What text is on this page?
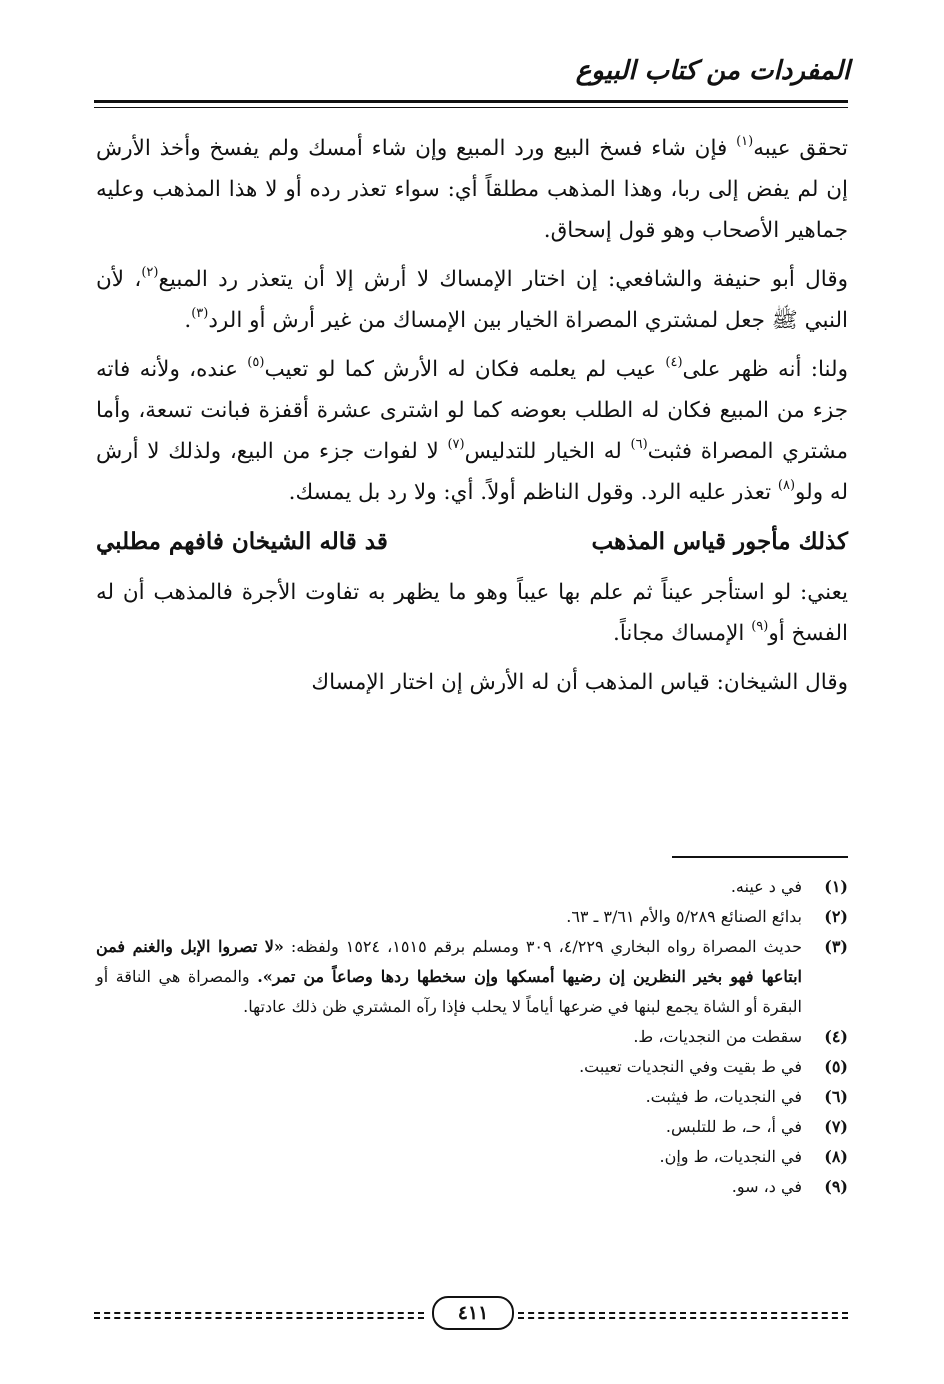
المفردات من كتاب البيوع

تحقق عيبه$^{(١)}$ فإن شاء فسخ البيع ورد المبيع وإن شاء أمسك ولم يفسخ وأخذ الأرش إن لم يفض إلى ربا، وهذا المذهب مطلقاً أي: سواء تعذر رده أو لا هذا المذهب وعليه جماهير الأصحاب وهو قول إسحاق.

وقال أبو حنيفة والشافعي: إن اختار الإمساك لا أرش إلا أن يتعذر رد المبيع$^{(٢)}$، لأن النبي ﷺ جعل لمشتري المصراة الخيار بين الإمساك من غير أرش أو الرد$^{(٣)}$.

ولنا: أنه ظهر على$^{(٤)}$ عيب لم يعلمه فكان له الأرش كما لو تعيب$^{(٥)}$ عنده، ولأنه فاته جزء من المبيع فكان له الطلب بعوضه كما لو اشترى عشرة أقفزة فبانت تسعة، وأما مشتري المصراة فثبت$^{(٦)}$ له الخيار للتدليس$^{(٧)}$ لا لفوات جزء من البيع، ولذلك لا أرش له ولو$^{(٨)}$ تعذر عليه الرد. وقول الناظم أولاً. أي: ولا رد بل يمسك.

كذلك مأجور قياس المذهب
قد قاله الشيخان فافهم مطلبي

يعني: لو استأجر عيناً ثم علم بها عيباً وهو ما يظهر به تفاوت الأجرة فالمذهب أن له الفسخ أو$^{(٩)}$ الإمساك مجاناً.

وقال الشيخان: قياس المذهب أن له الأرش إن اختار الإمساك

(١)
في د عينه.
(٢)
بدائع الصنائع ٥/٢٨٩ والأم ٣/٦١ ـ ٦٣.
(٣)
حديث المصراة رواه البخاري ٤/٢٢٩، ٣٠٩ ومسلم برقم ١٥١٥، ١٥٢٤ ولفظه: «لا تصروا الإبل والغنم فمن ابتاعها فهو بخير النظرين إن رضيها أمسكها وإن سخطها ردها وصاعاً من تمر». والمصراة هي الناقة أو البقرة أو الشاة يجمع لبنها في ضرعها أياماً لا يحلب فإذا رآه المشتري ظن ذلك عادتها.
(٤)
سقطت من النجديات، ط.
(٥)
في ط بقيت وفي النجديات تعيبت.
(٦)
في النجديات، ط فيثبت.
(٧)
في أ، حـ، ط للتلبس.
(٨)
في النجديات، ط وإن.
(٩)
في د، سو.
٤١١
